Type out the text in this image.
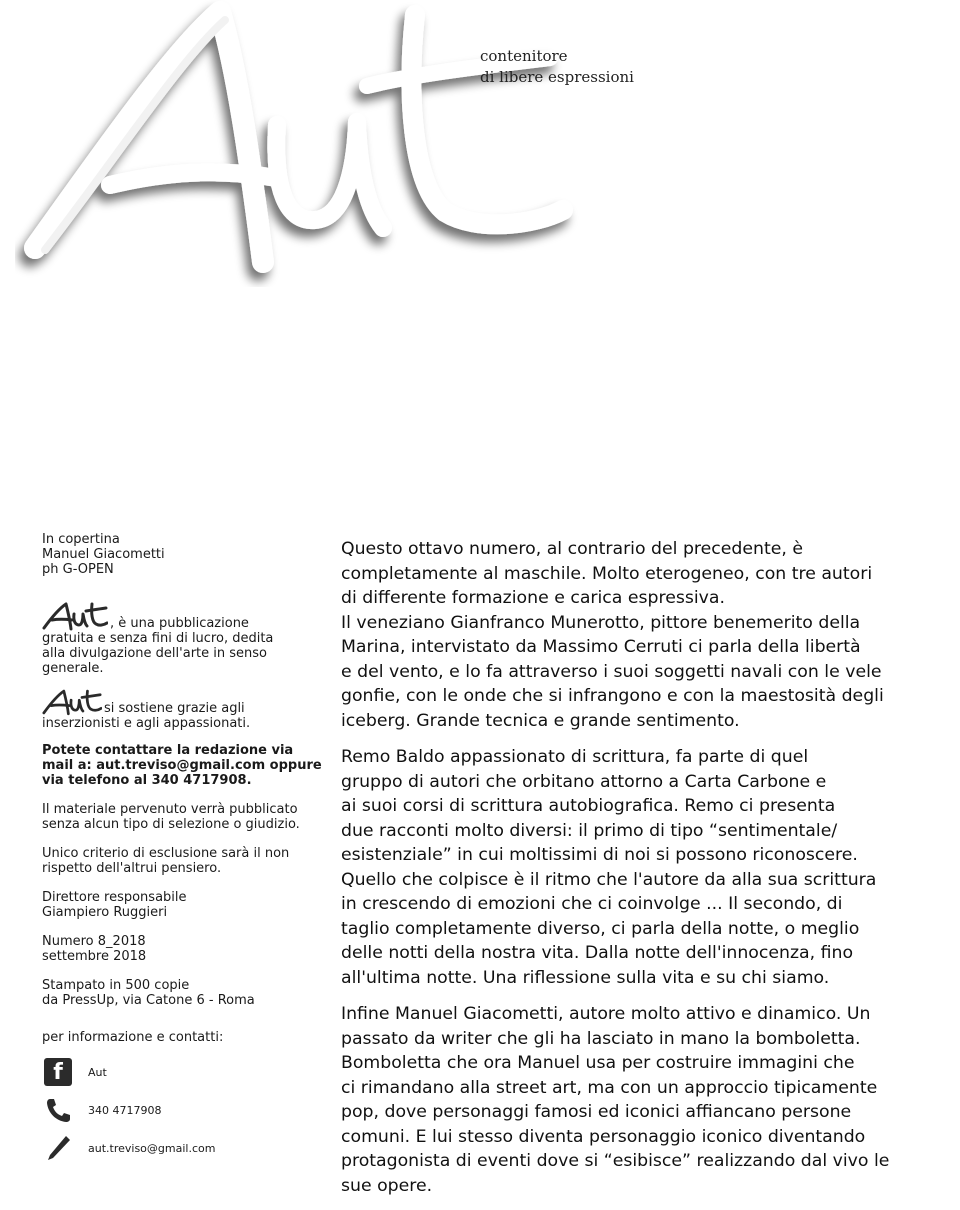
contenitore
di libere espressioni
In copertina
Manuel Giacometti
ph G-OPEN
, è una pubblicazione
gratuita e senza fini di lucro, dedita
alla divulgazione dell'arte in senso
generale.
si sostiene grazie agli
inserzionisti e agli appassionati.
Potete contattare la redazione via
mail a: aut.treviso@gmail.com oppure
via telefono al 340 4717908.
Il materiale pervenuto verrà pubblicato
senza alcun tipo di selezione o giudizio.
Unico criterio di esclusione sarà il non
rispetto dell'altrui pensiero.
Direttore responsabile
Giampiero Ruggieri
Numero 8_2018
settembre 2018
Stampato in 500 copie
da PressUp, via Catone 6 - Roma

per informazione e contatti:

f	Aut
340 4717908
aut.treviso@gmail.com

Questo ottavo numero, al contrario del precedente, è
completamente al maschile. Molto eterogeneo, con tre autori
di differente formazione e carica espressiva.
Il veneziano Gianfranco Munerotto, pittore benemerito della
Marina, intervistato da Massimo Cerruti ci parla della libertà
e del vento, e lo fa attraverso i suoi soggetti navali con le vele
gonfie, con le onde che si infrangono e con la maestosità degli
iceberg. Grande tecnica e grande sentimento.

Remo Baldo appassionato di scrittura, fa parte di quel
gruppo di autori che orbitano attorno a Carta Carbone e
ai suoi corsi di scrittura autobiografica. Remo ci presenta
due racconti molto diversi: il primo di tipo “sentimentale/
esistenziale” in cui moltissimi di noi si possono riconoscere.
Quello che colpisce è il ritmo che l'autore da alla sua scrittura
in crescendo di emozioni che ci coinvolge ... Il secondo, di
taglio completamente diverso, ci parla della notte, o meglio
delle notti della nostra vita. Dalla notte dell'innocenza, fino
all'ultima notte. Una riflessione sulla vita e su chi siamo.

Infine Manuel Giacometti, autore molto attivo e dinamico. Un
passato da writer che gli ha lasciato in mano la bomboletta.
Bomboletta che ora Manuel usa per costruire immagini che
ci rimandano alla street art, ma con un approccio tipicamente
pop, dove personaggi famosi ed iconici affiancano persone
comuni. E lui stesso diventa personaggio iconico diventando
protagonista di eventi dove si “esibisce” realizzando dal vivo le
sue opere.
